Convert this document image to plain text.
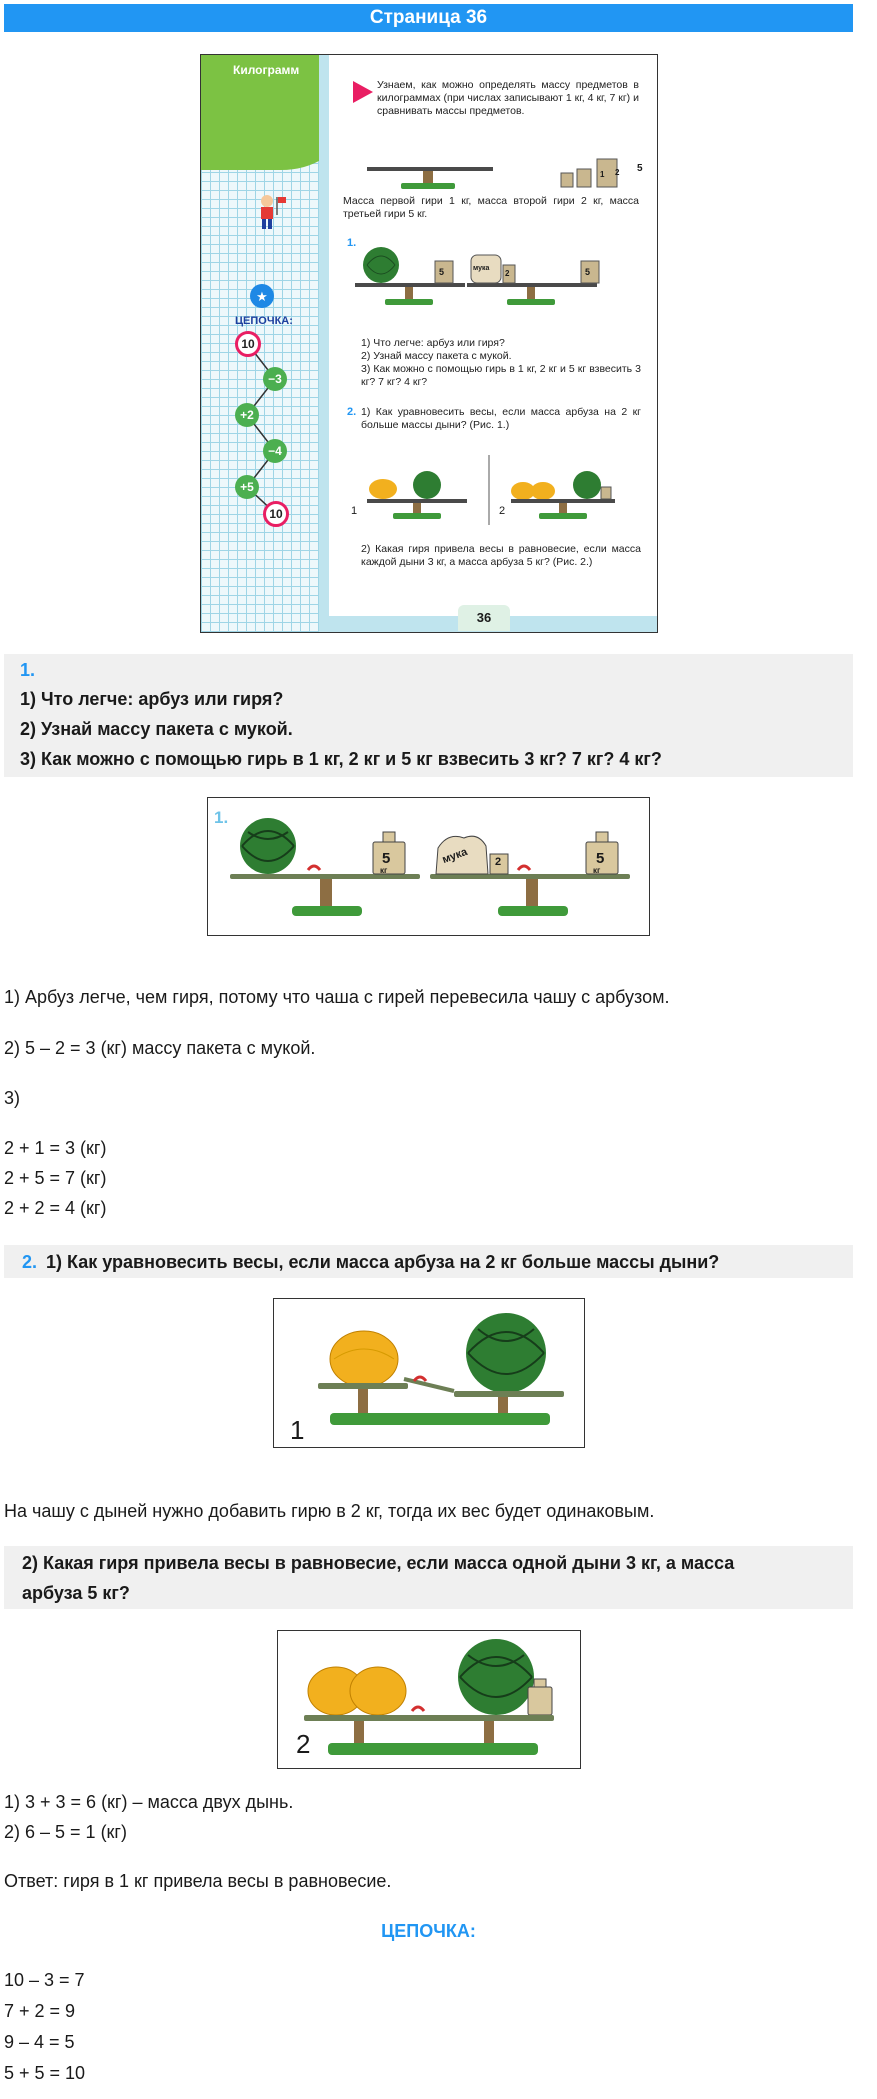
Страница 36
Килограмм
★
ЦЕПОЧКА:
10
−3
+2
−4
+5
10
Узнаем, как можно определять массу предметов в килограммах (при числах записывают 1 кг, 4 кг, 7 кг) и сравнивать массы предметов.
1 2 5
Масса первой гири 1 кг, масса второй гири 2 кг, масса третьей гири 5 кг.
1.
5	мука
2	5
1) Что легче: арбуз или гиря?
2) Узнай массу пакета с мукой.
3) Как можно с помощью гирь в 1 кг, 2 кг и 5 кг взвесить 3 кг? 7 кг? 4 кг?
2. 1) Как уравновесить весы, если масса арбуза на 2 кг больше массы дыни? (Рис. 1.)
1	2
2) Какая гиря привела весы в равновесие, если масса каждой дыни 3 кг, а масса арбуза 5 кг? (Рис. 2.)
36
1.
1) Что легче: арбуз или гиря?
2) Узнай массу пакета с мукой.
3) Как можно с помощью гирь в 1 кг, 2 кг и 5 кг взвесить 3 кг? 7 кг? 4 кг?
1.
5
кг
мука 2	5
кг
1) Арбуз легче, чем гиря, потому что чаша с гирей перевесила чашу с арбузом.
2) 5 – 2 = 3 (кг) массу пакета с мукой.
3)
2 + 1 = 3 (кг)
2 + 5 = 7 (кг)
2 + 2 = 4 (кг)
2. 1) Как уравновесить весы, если масса арбуза на 2 кг больше массы дыни?
1
На чашу с дыней нужно добавить гирю в 2 кг, тогда их вес будет одинаковым.
2) Какая гиря привела весы в равновесие, если масса одной дыни 3 кг, а масса арбуза 5 кг?
2
1) 3 + 3 = 6 (кг) – масса двух дынь.
2) 6 – 5 = 1 (кг)
Ответ: гиря в 1 кг привела весы в равновесие.
ЦЕПОЧКА:
10 – 3 = 7
7 + 2 = 9
9 – 4 = 5
5 + 5 = 10
